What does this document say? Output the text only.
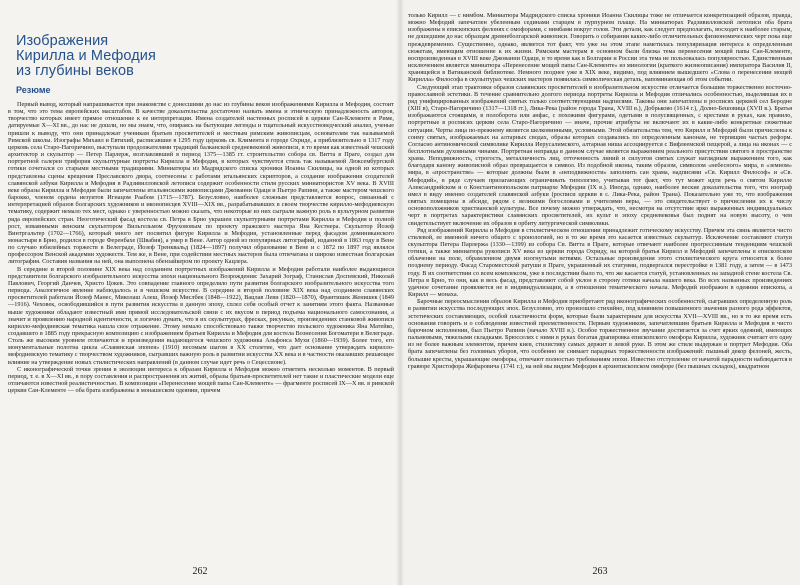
Изображения
Кирилла и Мефодия
из глубины веков
Резюме

Первый вывод, который напрашивается при знакомстве с донесшими до нас из глубины веков изображениями Кирилла и Мефодия, состоит в том, что это тема европейских масштабов. В качестве доказательства достаточно назвать имена и этническую принадлежность авторов, творчество которых имеет прямое отношение к ее интерпретации. Имена создателей настенных росписей в церкви Сан-Клементе в Риме, датируемые X—XI вв., до нас не дошли, но мы знаем, что, опираясь на бытующие легенды и тщательный искусствоведческий анализ, ученые пришли к выводу, что они принадлежат ученикам братьев просветителей и местным римским живописцам, основателям так называемой Римской школы. Изографы Михаил и Евтихий, расписавшие в 1295 году церковь св. Климента в городе Охриде, а приблизительно в 1317 году церковь села Старо-Нагоричино, выступали продолжателями традиций балканской средневековой живописи, в то время как известный чешский архитектор и скульптор — Петер Парлерж, возглавлявший в период 1375—1385 гг. строительство собора св. Витта в Праге, создал для портретной галереи трифория скульптурные портреты Кирилла и Мефодия, в которых чувствуется стиль так называемой Люксембургской готики сочетался со старыми местными традициями. Миниатюры из Мадридского списка хроники Иоанна Скилицы, на одной из которых представлены сцены крещения Преславского двора, соотнесены с работами итальянских скрипторов, а создание изображения создателей славянской азбуки Кирилла и Мефодия в Радзивилловской летописи содержит особенности стиля русских миниатюристов XV века. В XVIII веке образы Кирилла и Мефодия были запечатлены итальянскими живописцами Джованни Одаци и Пьетро Рапини, а также мастером чешского барокко, членом ордена иезуитов Игнацом Раабом (1715—1787). Безусловно, наиболее сложным представляется вопрос, связанный с интерпретацией образов болгарских художников и иконописцев XVIII—XIX вв., разрабатывавших в своем творчестве кирилло-мефодиевскую тематику, содержит немало тех мест, однако с уверенностью можно сказать, что некоторые из них сыграли важную роль в культурном развитии ряда европейских стран. Неоготический фасад костела св. Петра в Брно украшен скульптурными портретами Кирилла и Мефодия и полной рост, изваянными венским скульптором Вильгельмом Фрухововым по проекту пражского мастера Яна Кестнера. Скульптор Йозеф Винтргальтер (1702—1766), который много лет посвятил фигуре Кирилла и Мефодия, установленные перед фасадом доминиканского монастыря в Брно, родился в городе Ференбахе (Швабия), а умер в Вене. Автор одной из популярных литографий, изданной в 1863 году в Вене по случаю юбилейных торжеств в Велеграде, Йозеф Тренквальд (1824—1897) получил образование в Вене и с 1872 по 1897 год являлся профессором Венской академии художеств. Тем же, в Вене, при содействии местных мастеров была отпечатана и широко известная болгарская литография. Составив названия на ней, она выполнена обензайкером по проекту Кацлера.

В середине и второй половине XIX века над созданием портретных изображений Кирилла и Мефодия работали наиболее выдающиеся представители болгарского изобразительного искусства эпохи национального Возрождения: Захарий Зограф, Станислав Доспевский, Николай Павлович, Георгий Данчев, Христо Цокев. Это совпадение главного определяло пути развития болгарского изобразительного искусства того периода. Аналогичное явление наблюдалось и в чешском искусстве. В середине и второй половине XIX века над созданием славянских просветителей работали Йозеф Манес, Миколаш Алеш, Йозеф Мислбек (1848—1922), Вацлав Леви (1820—1870), Франтишек Женишек (1849—1916). Чеховек, освободившийся в пути развития искусства в данную эпоху, сплел себя особый отчет к занятиям этого факта. Названные выше художники обладают известный ими прямой исследовательской связи с их вкусом в период подъема национального самосознания, а значит и проявлению народной идентичности, и логично думать, что в их скульптурах, фресках, рисунках, произведениях станковой живописи кирилло-мефодиевская тематика нашла свое отражение. Этому немало способствовало также творчество польского художника Яна Матейко, создавшего в 1885 году прекрасную композицию с изображением братьев Кирилла и Мефодия для костела Вознесения Богоматери в Велеграде. Столь же высоким уровнем отличаются и произведения выдающегося чешского художника Альфонса Мухи (1860—1939). Более того, его монументальные полотна цикла «Славянская эпопея» (1910) весомым шагом в XX столетие, что дает основание утверждать кирилло-мефодиевскую тематику с творчеством художников, сыгравших важную роль в развитии искусства XX века и в частности оказавших решающее влияние на утверждение новых стилистических направлений (в данном случае идет речь о Сецессионе).

С иконографической точки зрения в эволюции интереса к образам Кирилла и Мефодия можно отметить несколько моментов. В первый период, т. е. в X—XI вв., в пору составления и распространения их житий, образы братьев-просветителей нет такие и пластические модели еще отличаются известной реалистичностью. В композиции «Перенесение мощей папы Сан-Клементе» — фрагменте росписей IX—X вв. в римской церкви Сан-Клементе — оба брата изображены в монашеском одеянии, причем

262

только Кирилл — с нимбом. Миниатюра Мадридского списка хроники Иоанна Скилицы тоже не отличается конкретизацией образов, правда, можно Мефодий запечатлен убеленным сединами старцем в пурпурном плаще. На миниатюрах Радзивилловской летописи оба брата изображены в епископских фелонях с омофорами, с нимбами вокруг голов. Эти детали, как следует предполагать, восходят к наиболее старым, не дошедшим до нас образцам древнеболгарской живописи. Говорить о собирании каких-либо отличительных физиономических черт пока еще преждевременно. Существенно, однако, является тот факт, что уже на этом этапе наметилась популяризация интереса к определенным сюжетам, имеющим отношение к их жизни. Римским мастерам в основном были близка тема перенесения мощей папы Сан-Клементе, воспроизведенная в XVIII веке Джованни Одаци, в то время как в Болгарии и России эта тема не пользовалась популярностью. Единственным исключением является миниатюра «Перенесение мощей папы Сан-Клементе» из минологии (краткого жизнеописания) императора Василия II, хранящейся в Ватиканской библиотеке. Немного позднее уже в XIX веке, видимо, под влиянием вышедшего «Слова о перенесении мощей Кирилла» Философа в скульптурах чешских мастеров появилась символическая деталь, напоминающая об этом событии.

Следующий этап трактовки образов славянских просветителей в изобразительном искусстве отличается большим торжественно восточно-православной эстетики. В течение сравнительно долгого периода портреты Кирилла и Мефодия отличались особенностью, выделявшая их в ряд унифицированных изображений святых только соответствующими надписями. Таковы они запечатлены в росписях церквей сел Беродне (XIII в), Старо-Нагоричино (1317—1318 гг.), Лика-Река (район города Трана, XVIII в.), Добрьково (1614 г.), Долно-Бешовица (XVII в.). Братья изображаются стоящими, в полоборота или анфас, с похожими фигурами, одетыми в полусвященных, с крестами в руках, как правило, портретные в росписях церкви села Старо-Нагоричино — иначе, прочие атрибуты не включают их в какие-либо конкретные сюжетные ситуации. Черты лица по-прежнему является шелковинными, условными. Этой обязательства тем, что Кирилл и Мефодий были причислены к сонму святых, изображаемых на алтарных сводах, образы которых создавались по определенным канонам, не терпящим частых реформ. Согласно антиномической символике Кирилла Иерусалимского, алтарная ниша ассоциируется с Вифлеемской пещерой, а лица на иконах — с бесплотными духовными чинами. Портретная неправда в данном случае является выражением реального присутствия святого в пространстве храма. Неподвижность, строгость, металличность лиц, отточенность линий и силуэтов святых служат наглядным выражением того, как благодаря канону живописной образ превращается в символ. Из подобной иконы, таким образом, символом «небесного» мира, в «земном» мира, в «пространстве» — которые должны были в «неподвижности» заполнить сан храма, надписями «Св. Кирилл Философ» и «Св. Мефодий», в ряде случаев прилагающих ограничивать типологию, учитывая тот факт, что тут может идти речь о святом Кирилле Александрийском и о Константинопольском патриархе Мефодии (IX в.). Иногда, однако, наиболее веские доказательства того, что изограф имел в виду именно создателей славянской азбуки (росписи церкви в с. Лика-Река, район Трана). Показательно уже то, что изображения святых помещены в абсиде, рядом с великими богословами и учителями веры, — это свидетельствует о причислении их к числу основоположников христианской культуры. Все почему можно утверждать, что, несмотря на отсутствие ярко выраженных индивидуальных черт в портретах характеристики славянских просветителей, их культ в эпоху средневековья был поднят на новую высоту, о чем свидетельствует включение их образов в орбиту литургической символики.

Ряд изображений Кирилла и Мефодия в стилистическом отношении принадлежит готическому искусству. Причем эта связь является чисто стилевой, ее именной ничего общего с хронологией, но в то же время это касается известных скульптур. Исключение составляют статуи скульптора Петера Парлержа (1330—1399) из собора Св. Витта в Праге, которые отвечают наиболее прогрессивным тенденциям чешской готики, а также миниатюра рукописи XV века из церкви города Охриду, на которой братья Кирилл и Мефодий запечатлены в епископском облачении на поле, обрамленном двумя изогнутыми ветвями. Остальные произведения этого стилистического круга относятся к более позднему периоду. Фасад Староместской ратуши в Праге, украшенный их статуями, подвергался перестройке в 1381 году, а затем — в 1473 году. В их соответствии со всем комплексом, уже в последствии было то, что же касается статуй, установленных на западной стене костела Св. Петра в Брно, то они, как и весь фасад, представляют собой уклон в сторону готики начала нашего века. Во всех названных произведениях удачное сочетание проявляется не в индивидуализации, а в отношении тематического начала. Мефодий изображен в одеянии епископа, а Кирилл — монаха.

Барочные переосмысления образов Кирилла и Мефодия приобретают ряд иконографических особенностей, сыгравших определенную роль в развитии искусства последующих эпох. Безусловно, это произошло стихийно, под влиянием повышенного значения разного рода эффектов, эстетических составляющих, особой пластичности форм, которые были характерным для искусства XVII—XVIII вв., но в то же время есть основания говорить и о соблюдении известной преемственности. Первым художником, запечатлевшим братьев Кирилла и Мефодия в чисто барочном исполнении, был Пьетро Рапини (начало XVIII в.). Особое торжественное звучание достигается за счет ярких одеяний, имеющих пальмовыми, тяжелыми складками. Брюсселях с ними в руках богатая драпировка епископского омофора Кирилла, художник считает его одну из не более важным элементом, причем киев, стилистику самых держит в левой руке. В этом же стиле выдержан и портрет Мефодия. Оба брата запечатлены без головных уборов, что особенно не снимает парадных торжественности изображений: пышный декор фелоней, жесть, большие кресты, украшающие омофоры, отвечают полностью требованиям эпохи. Известно отступление от начатой парадности наблюдается в гравюре Христофора Жефаровича (1741 г.), на ней мы видим Мефодия в архиепископском омофоре (без пышных складок), квадратном

263
